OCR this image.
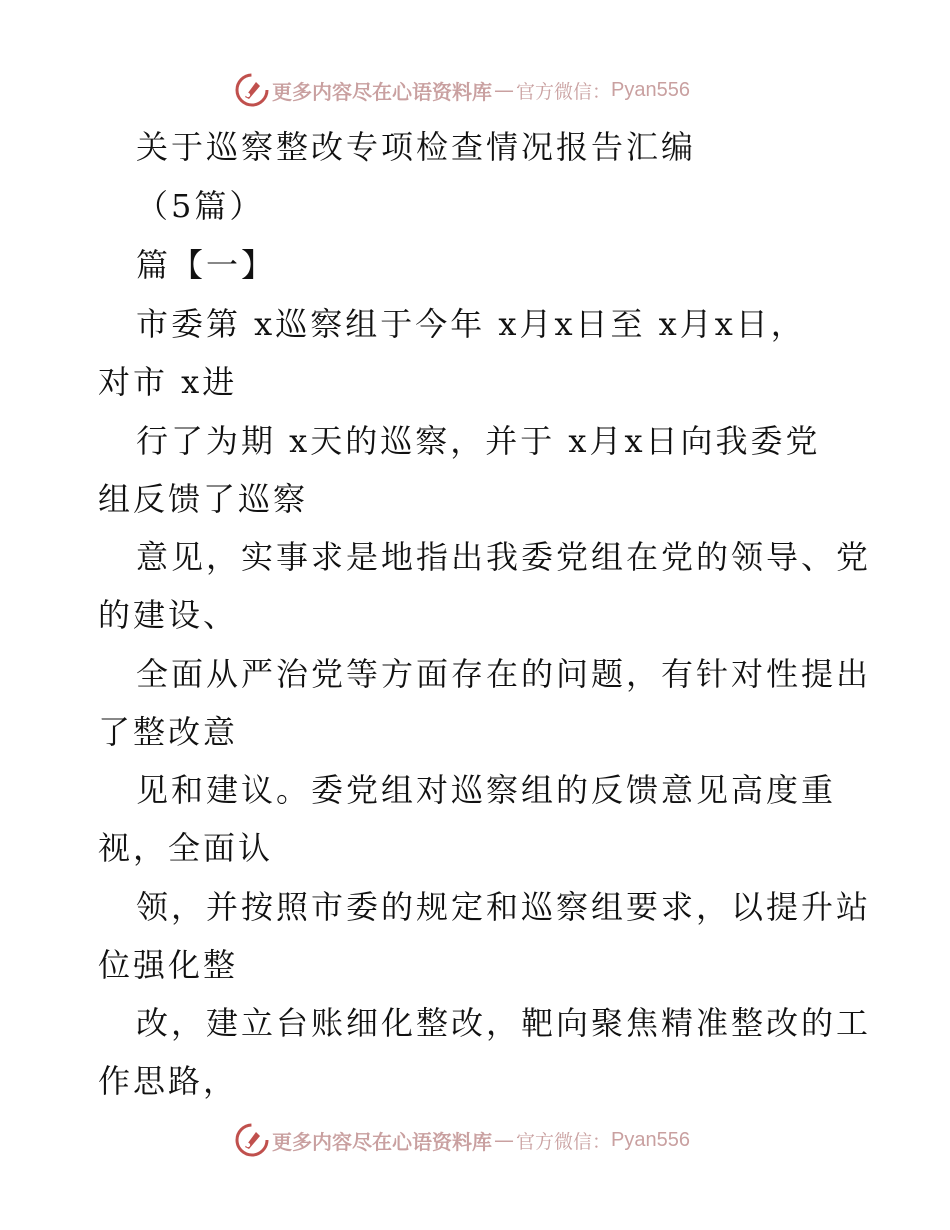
更多内容尽在心语资料库 — 官方微信： Pyan556
关于巡察整改专项检查情况报告汇编
（5篇）
篇【一】
市委第 x巡察组于今年 x月x日至 x月x日，
对市 x进
行了为期 x天的巡察，并于 x月x日向我委党
组反馈了巡察
意见，实事求是地指出我委党组在党的领导、党
的建设、
全面从严治党等方面存在的问题，有针对性提出
了整改意
见和建议。委党组对巡察组的反馈意见高度重
视，全面认
领，并按照市委的规定和巡察组要求，以提升站
位强化整
改，建立台账细化整改，靶向聚焦精准整改的工
作思路，
更多内容尽在心语资料库 — 官方微信： Pyan556
